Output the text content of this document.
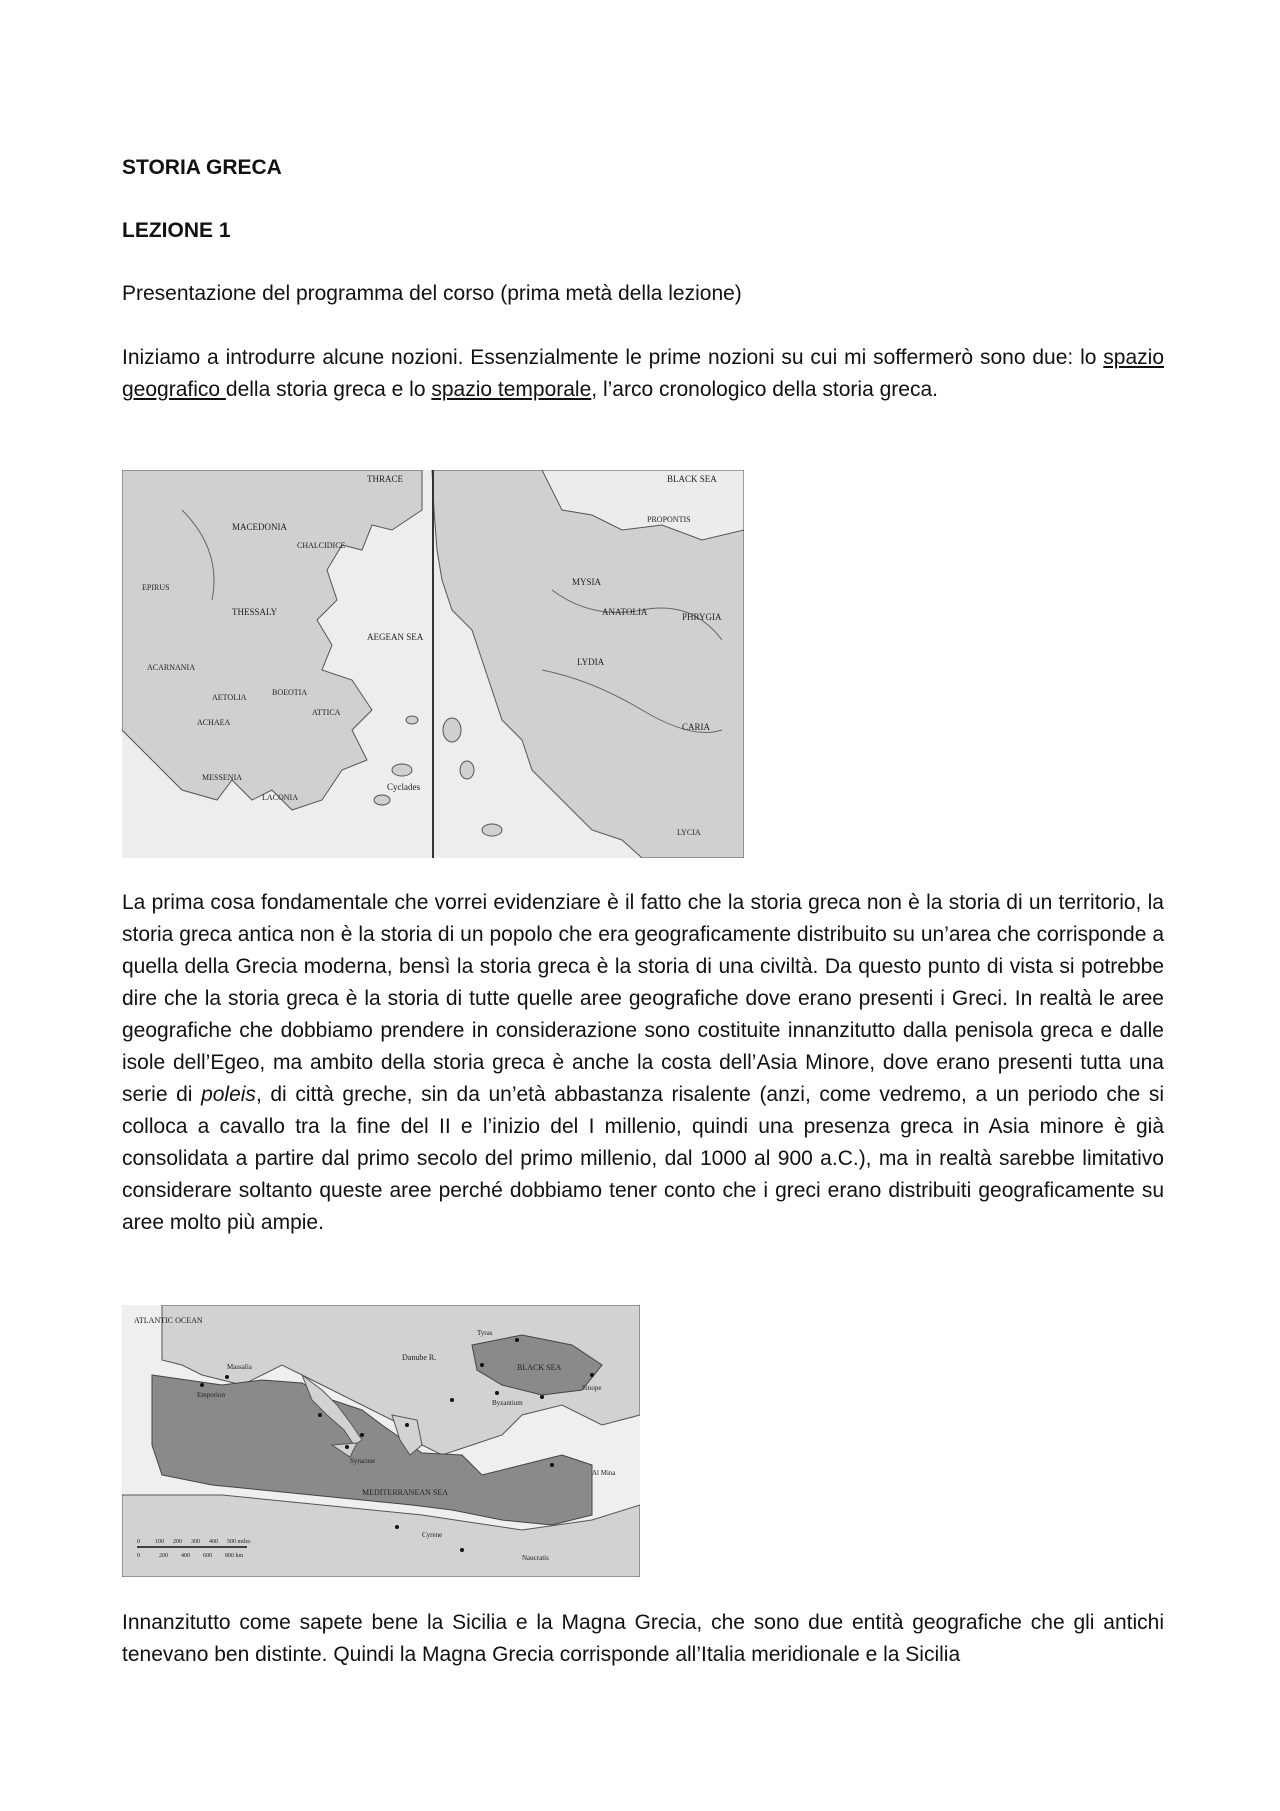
STORIA GRECA
LEZIONE 1
Presentazione del programma del corso (prima metà della lezione)
Iniziamo a introdurre alcune nozioni. Essenzialmente le prime nozioni su cui mi soffermerò sono due: lo spazio geografico della storia greca e lo spazio temporale, l’arco cronologico della storia greca.
THRACE	BLACK SEA
PROPONTIS
MACEDONIA
CHALCIDICE
THESSALY
AEGEAN SEA
ANATOLIA
MYSIA
LYDIA
PHRYGIA
AETOLIA
BOEOTIA
ACHAEA
ACARNANIA
CARIA
LACONIA
MESSENIA
LYCIA
Cyclades
EPIRUS
ATTICA
La prima cosa fondamentale che vorrei evidenziare è il fatto che la storia greca non è la storia di un territorio, la storia greca antica non è la storia di un popolo che era geograficamente distribuito su un’area che corrisponde a quella della Grecia moderna, bensì la storia greca è la storia di una civiltà. Da questo punto di vista si potrebbe dire che la storia greca è la storia di tutte quelle aree geografiche dove erano presenti i Greci. In realtà le aree geografiche che dobbiamo prendere in considerazione sono costituite innanzitutto dalla penisola greca e dalle isole dell’Egeo, ma ambito della storia greca è anche la costa dell’Asia Minore, dove erano presenti tutta una serie di poleis, di città greche, sin da un’età abbastanza risalente (anzi, come vedremo, a un periodo che si colloca a cavallo tra la fine del II e l’inizio del I millenio, quindi una presenza greca in Asia minore è già consolidata a partire dal primo secolo del primo millenio, dal 1000 al 900 a.C.), ma in realtà sarebbe limitativo considerare soltanto queste aree perché dobbiamo tener conto che i greci erano distribuiti geograficamente su aree molto più ampie.
ATLANTIC OCEAN
BLACK SEA
MEDITERRANEAN SEA
Danube R.
Massalia
Emporion
Syracuse
Cyrene
Naucratis
Byzantium
Tyras
Sinope
Al Mina
0	100 200 300 400 500 miles
0	200 400 600 800 km
Innanzitutto come sapete bene la Sicilia e la Magna Grecia, che sono due entità geografiche che gli antichi tenevano ben distinte. Quindi la Magna Grecia corrisponde all’Italia meridionale e la Sicilia
